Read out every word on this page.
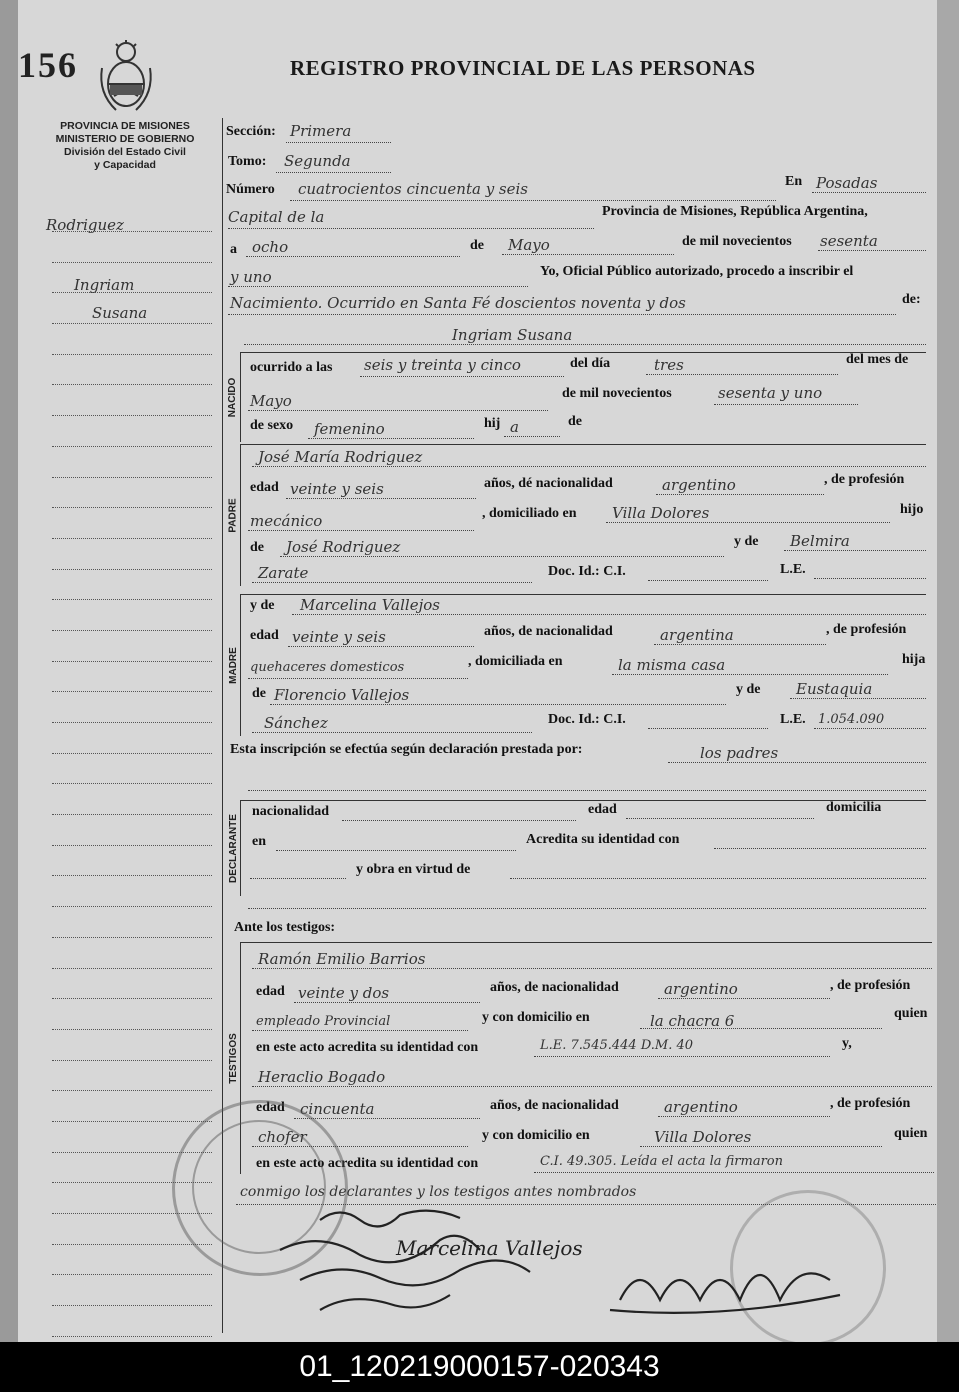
156	REGISTRO PROVINCIAL DE LAS PERSONAS
PROVINCIA DE MISIONES
MINISTERIO DE GOBIERNO
División del Estado Civil
y Capacidad
Rodriguez
Ingriam
Susana
Sección: Primera
Tomo: Segunda
Número cuatrocientos cincuenta y seis	En Posadas
Capital de la	Provincia de Misiones, República Argentina,
a ocho	de Mayo	de mil novecientos sesenta
y uno	Yo, Oficial Público autorizado, procedo a inscribir el
Nacimiento. Ocurrido en Santa Fé doscientos noventa y dos	de:
Ingriam Susana
NACIDO
ocurrido a las seis y treinta y cinco	del día	tres	del mes de
Mayo	de mil novecientos	sesenta y uno
de sexo femenino	hij a	de
PADRE
José María Rodriguez
edad veinte y seis	años, dé nacionalidad	argentino	, de profesión
mecánico	, domiciliado en Villa Dolores	hijo
de José Rodriguez	y de Belmira
Zarate	Doc. Id.: C.I.	L.E.
MADRE
y de Marcelina Vallejos
edad veinte y seis	años, de nacionalidad	argentina	, de profesión
quehaceres domesticos	, domiciliada en	la misma casa	hija
de Florencio Vallejos	y de Eustaquia
Sánchez	Doc. Id.: C.I.	L.E. 1.054.090
Esta inscripción se efectúa según declaración prestada por:	los padres
DECLARANTE
nacionalidad	edad	domicilia
en	Acredita su identidad con
y obra en virtud de
Ante los testigos:
TESTIGOS
Ramón Emilio Barrios
edad veinte y dos	años, de nacionalidad	argentino	, de profesión
empleado Provincial	y con domicilio en	la chacra 6	quien
en este acto acredita su identidad con	L.E. 7.545.444 D.M. 40	y,
Heraclio Bogado
edad cincuenta	años, de nacionalidad	argentino	, de profesión
chofer	y con domicilio en	Villa Dolores	quien
en este acto acredita su identidad con	C.I. 49.305. Leída el acta la firmaron
conmigo los declarantes y los testigos antes nombrados
Marcelina Vallejos
01_120219000157-020343
